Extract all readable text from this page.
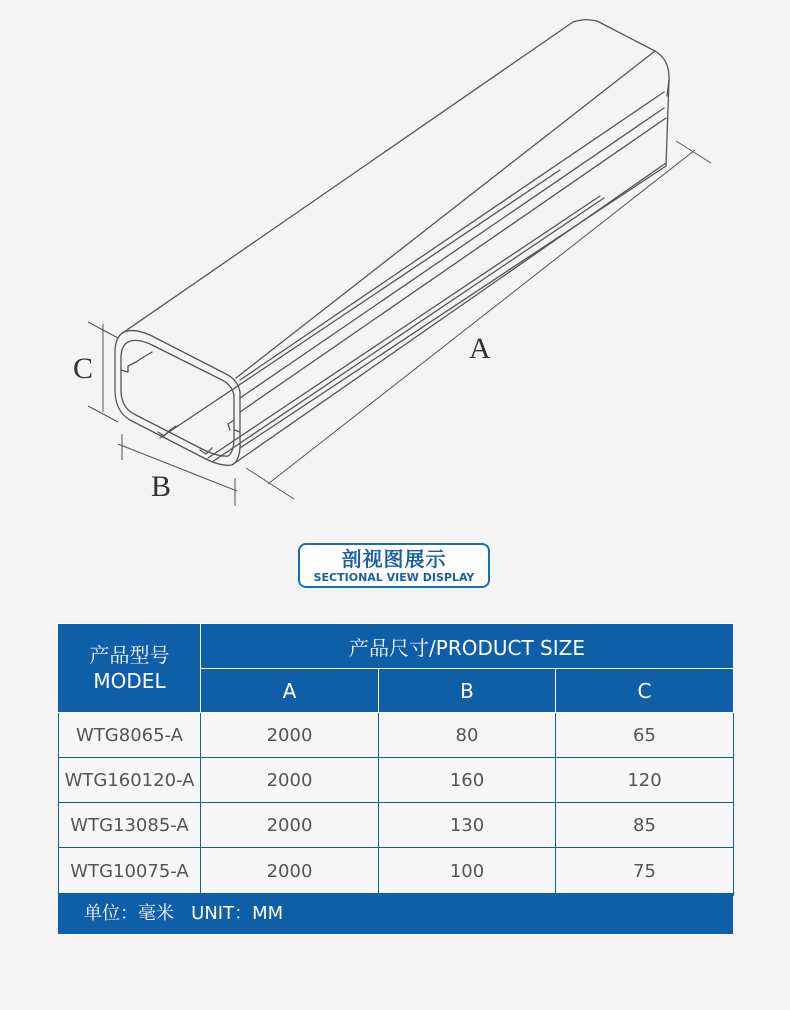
A
B
C
剖视图展示
SECTIONAL VIEW DISPLAY
产品型号
MODEL	产品尺寸/PRODUCT SIZE		
	A	B	C
WTG8065-A	2000	80	65
WTG160120-A	2000	160	120
WTG13085-A	2000	130	85
WTG10075-A	2000	100	75
单位：毫米 UNIT：MM
